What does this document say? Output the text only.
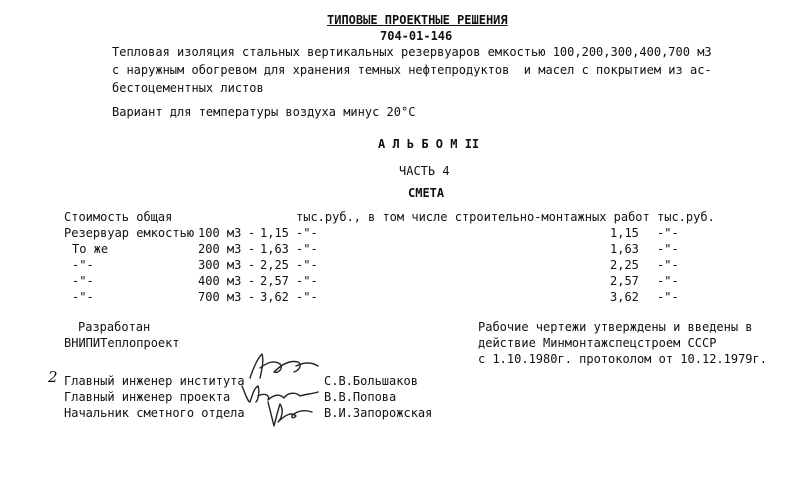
ТИПОВЫЕ ПРОЕКТНЫЕ РЕШЕНИЯ
704-01-146
Тепловая изоляция стальных вертикальных резервуаров емкостью 100,200,300,400,700 м3
с наружным обогревом для хранения темных нефтепродуктов  и масел с покрытием из ас-
бестоцементных листов
Вариант для температуры воздуха минус 20°С
А Л Ь Б О М II
ЧАСТЬ 4
СМЕТА
Стоимость общая	тыс.руб., в том числе строительно-монтажных работ тыс.руб.
Резервуар емкостью 100 м3 - 1,15 -"-	1,15 -"-
То же	200 м3 - 1,63 -"-	1,63 -"-
-"-	300 м3 - 2,25 -"-	2,25 -"-
-"-	400 м3 - 2,57 -"-	2,57 -"-
-"-	700 м3 - 3,62 -"-	3,62 -"-
Разработан
ВНИПИТеплопроект
Рабочие чертежи утверждены и введены в
действие Минмонтажспецстроем СССР
с 1.10.1980г. протоколом от 10.12.1979г.
2 Главный инженер института	С.В.Большаков
Главный инженер проекта	В.В.Попова
Начальник сметного отдела	В.И.Запорожская
